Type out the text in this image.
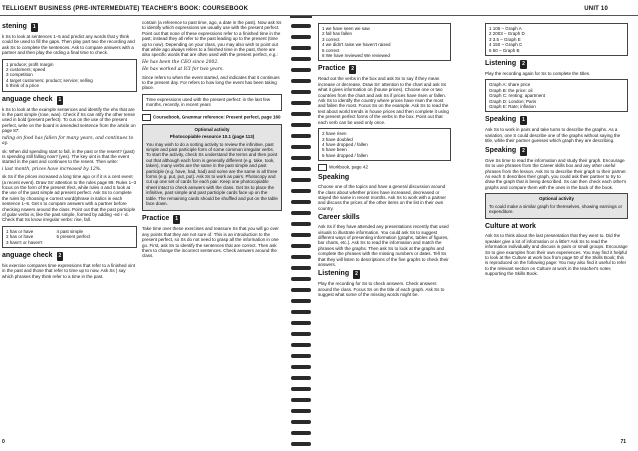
TELLIGENT BUSINESS (PRE-INTERMEDIATE) TEACHER'S BOOK: COURSEBOOK	UNIT 10
stening 1

k Ss to look at sentences 1–5 and predict any words that y think could be used to fill the gaps. Then play part two the recording and ask Ss to complete the sentences. Ask to compare answers with a partner and then play the ording a final time to check.

1 produce; profit margin
2 customers; speed
3 competition
4 target customers; product; service; selling
5 think of a price
anguage check 1

k Ss to look at the example sentences and identify the ehs that are in the past simple (rose, was). Check if Ss can ntify the other tense used in bold (present perfect). To cus on the use of the present perfect, write on the board is amended sentence from the article on page 87:

nding on food has fallen for many years, and continues to ay.

sk: When did spending start to fall, in the past or the resent? (past) Is spending still falling now? (yes). The key oint is that the event started in the past and continues to the resent. Then write:

i last month, prices have increased by 12%.

sk Ss if the prices increased a long time ago or if it is a cent event (a recent event). Draw Ss' attention to the rules page 89. Rules 1–3 focus on the form of the present rfect, while rules 4 and 5 look at the use of the past simple ad present perfect. Ask Ss to complete the rules by choosing e correct word/phrase in italics in each sentence 1–5. Get s to compare answers with a partner before checking nswers around the class. Point out that the past participle of gular verbs is, like the past simple, formed by adding -ed r -d. Check that Ss know irregular verbs: rise, fall.

1 has or have
2 has or have
3 hasn't or haven't
4 past simple
5 present perfect
anguage check 2

his exercise compares time expressions that refer to a finished oint in the past and those that refer to time up to now. Ask Ss ) say which phrases they think refer to a time in the past.

contain (a reference to past time, ago, a date in the past). Now ask Ss to identify which expressions we usually use with the present perfect. Point out that none of these expressions refer to a finished time in the past; instead they all refer to the past leading up to the present (time up to now). Depending on your class, you may also wish to point out that while ago always refers to a finished time in the past, there are also specific words that are often used with the present perfect, e.g.:

He has been the CEO since 2002.

He has worked at ICI for two years.

Since refers to when the event started, and indicates that it continues to the present day. For refers to how long the event has been taking place.

Time expressions used with the present perfect: in the last few months, recently, in recent years

Coursebook, Grammar reference: Present perfect, page 160

Optional activity

Photocopiable resource 10.1 (page 113)

You may wish to do a sorting activity to review the infinitive, past simple and past participle form of some common irregular verbs. To start the activity, check Ss understand the terms and then point out that although each form is generally different (e.g. take, took, taken), many verbs are the same in the past simple and past participle (e.g. have, had, had) and some are the same in all three forms (e.g. put, put, put). Ask Ss to work as pairs. Photocopy and cut up one set of cards for each pair. Keep one photocopiable sheet intact to check answers with the class. Get Ss to place the infinitive, past simple and past participle cards face up on the table. The remaining cards should be shuffled and put on the table face down.

Practice 1

Take time over these exercises and reassure Ss that you will go over any points that they are not sure of. This is an introduction to the present perfect, so Ss do not need to grasp all the information in one go. First, ask Ss to identify the sentences that are correct. Then ask them to change the incorrect sentences. Check answers around the class.

1 we have seen we saw
2 fall has fallen
3 correct
4 we didn't raise we haven't raised
5 correct
6 We have reviewed We reviewed
Practice 2

Read out the verbs in the box and ask Ss to say if they mean increase or decrease. Draw Ss' attention to the chart and ask Ss what it gives information on (house prices). Choose one or two countries from the chart and ask Ss if prices have risen or fallen. Ask Ss to identify the country where prices have risen the most and fallen the most. Focus Ss on the example. Ask Ss to read the text about world trends in house prices and then complete it using the present perfect forms of the verbs in the box. Point out that each verb can be used only once.

2 have risen
3 have doubled
4 have dropped / fallen
5 have been
6 have dropped / fallen

Workbook, page 42

Speaking

Choose one of the topics and have a general discussion around the class about whether prices have increased, decreased or stayed the same in recent months. Ask Ss to work with a partner and discuss the prices of the other items on the list in their own country.

Career skills

Ask Ss if they have attended any presentations recently that used visuals to illustrate information. You could ask Ss to suggest different ways of presenting information (graphs, tables of figures, bar charts, etc.). Ask Ss to read the information and match the phrases with the graphs. Then ask Ss to look at the graphs and complete the phrases with the missing numbers or dates. Tell Ss that they will listen to descriptions of the five graphs to check their answers.

Listening 2

Play the recording for Ss to check answers. Check answers around the class. Focus Ss on the title of each graph. Ask Ss to suggest what some of the missing words might be.

1 105 – Graph A
2 2003 – Graph D
3 3.5 – Graph E
4 150 – Graph C
5 50 – Graph B
Listening 2

Play the recording again for Ss to complete the titles.

Graph A: share price
Graph B: the price; oil
Graph C: renting; apartment
Graph D: London; Paris
Graph E: Rate; inflation
Speaking 1

Ask Ss to work in pairs and take turns to describe the graphs. As a variation, one S could describe one of the graphs without saying the title, while their partner guesses which graph they are describing.

Speaking 2

Give Ss time to read the information and study their graph. Encourage Ss to use phrases from the Career skills box and any other useful phrases from the lesson. Ask Ss to describe their graph to their partner. As each S describes their graph, you could ask their partner to try to draw the graph that is being described. Ss can then check each other's graphs and compare them with the ones in the back of the book.

Optional activity

To could make a similar graph for themselves, showing earnings or expenditure.

Culture at work

Ask Ss to think about the last presentation that they went to. Did the speaker give a lot of information or a little? Ask Ss to read the information individually and discuss in pairs or small groups. Encourage Ss to give examples from their own experiences. You may find it helpful to look at the Culture at work box from page 50 of the Skills Book; this is reproduced on the following page: You may also find it useful to refer to the relevant section on Culture at work in the teacher's notes supporting the Skills Book.

0	71
